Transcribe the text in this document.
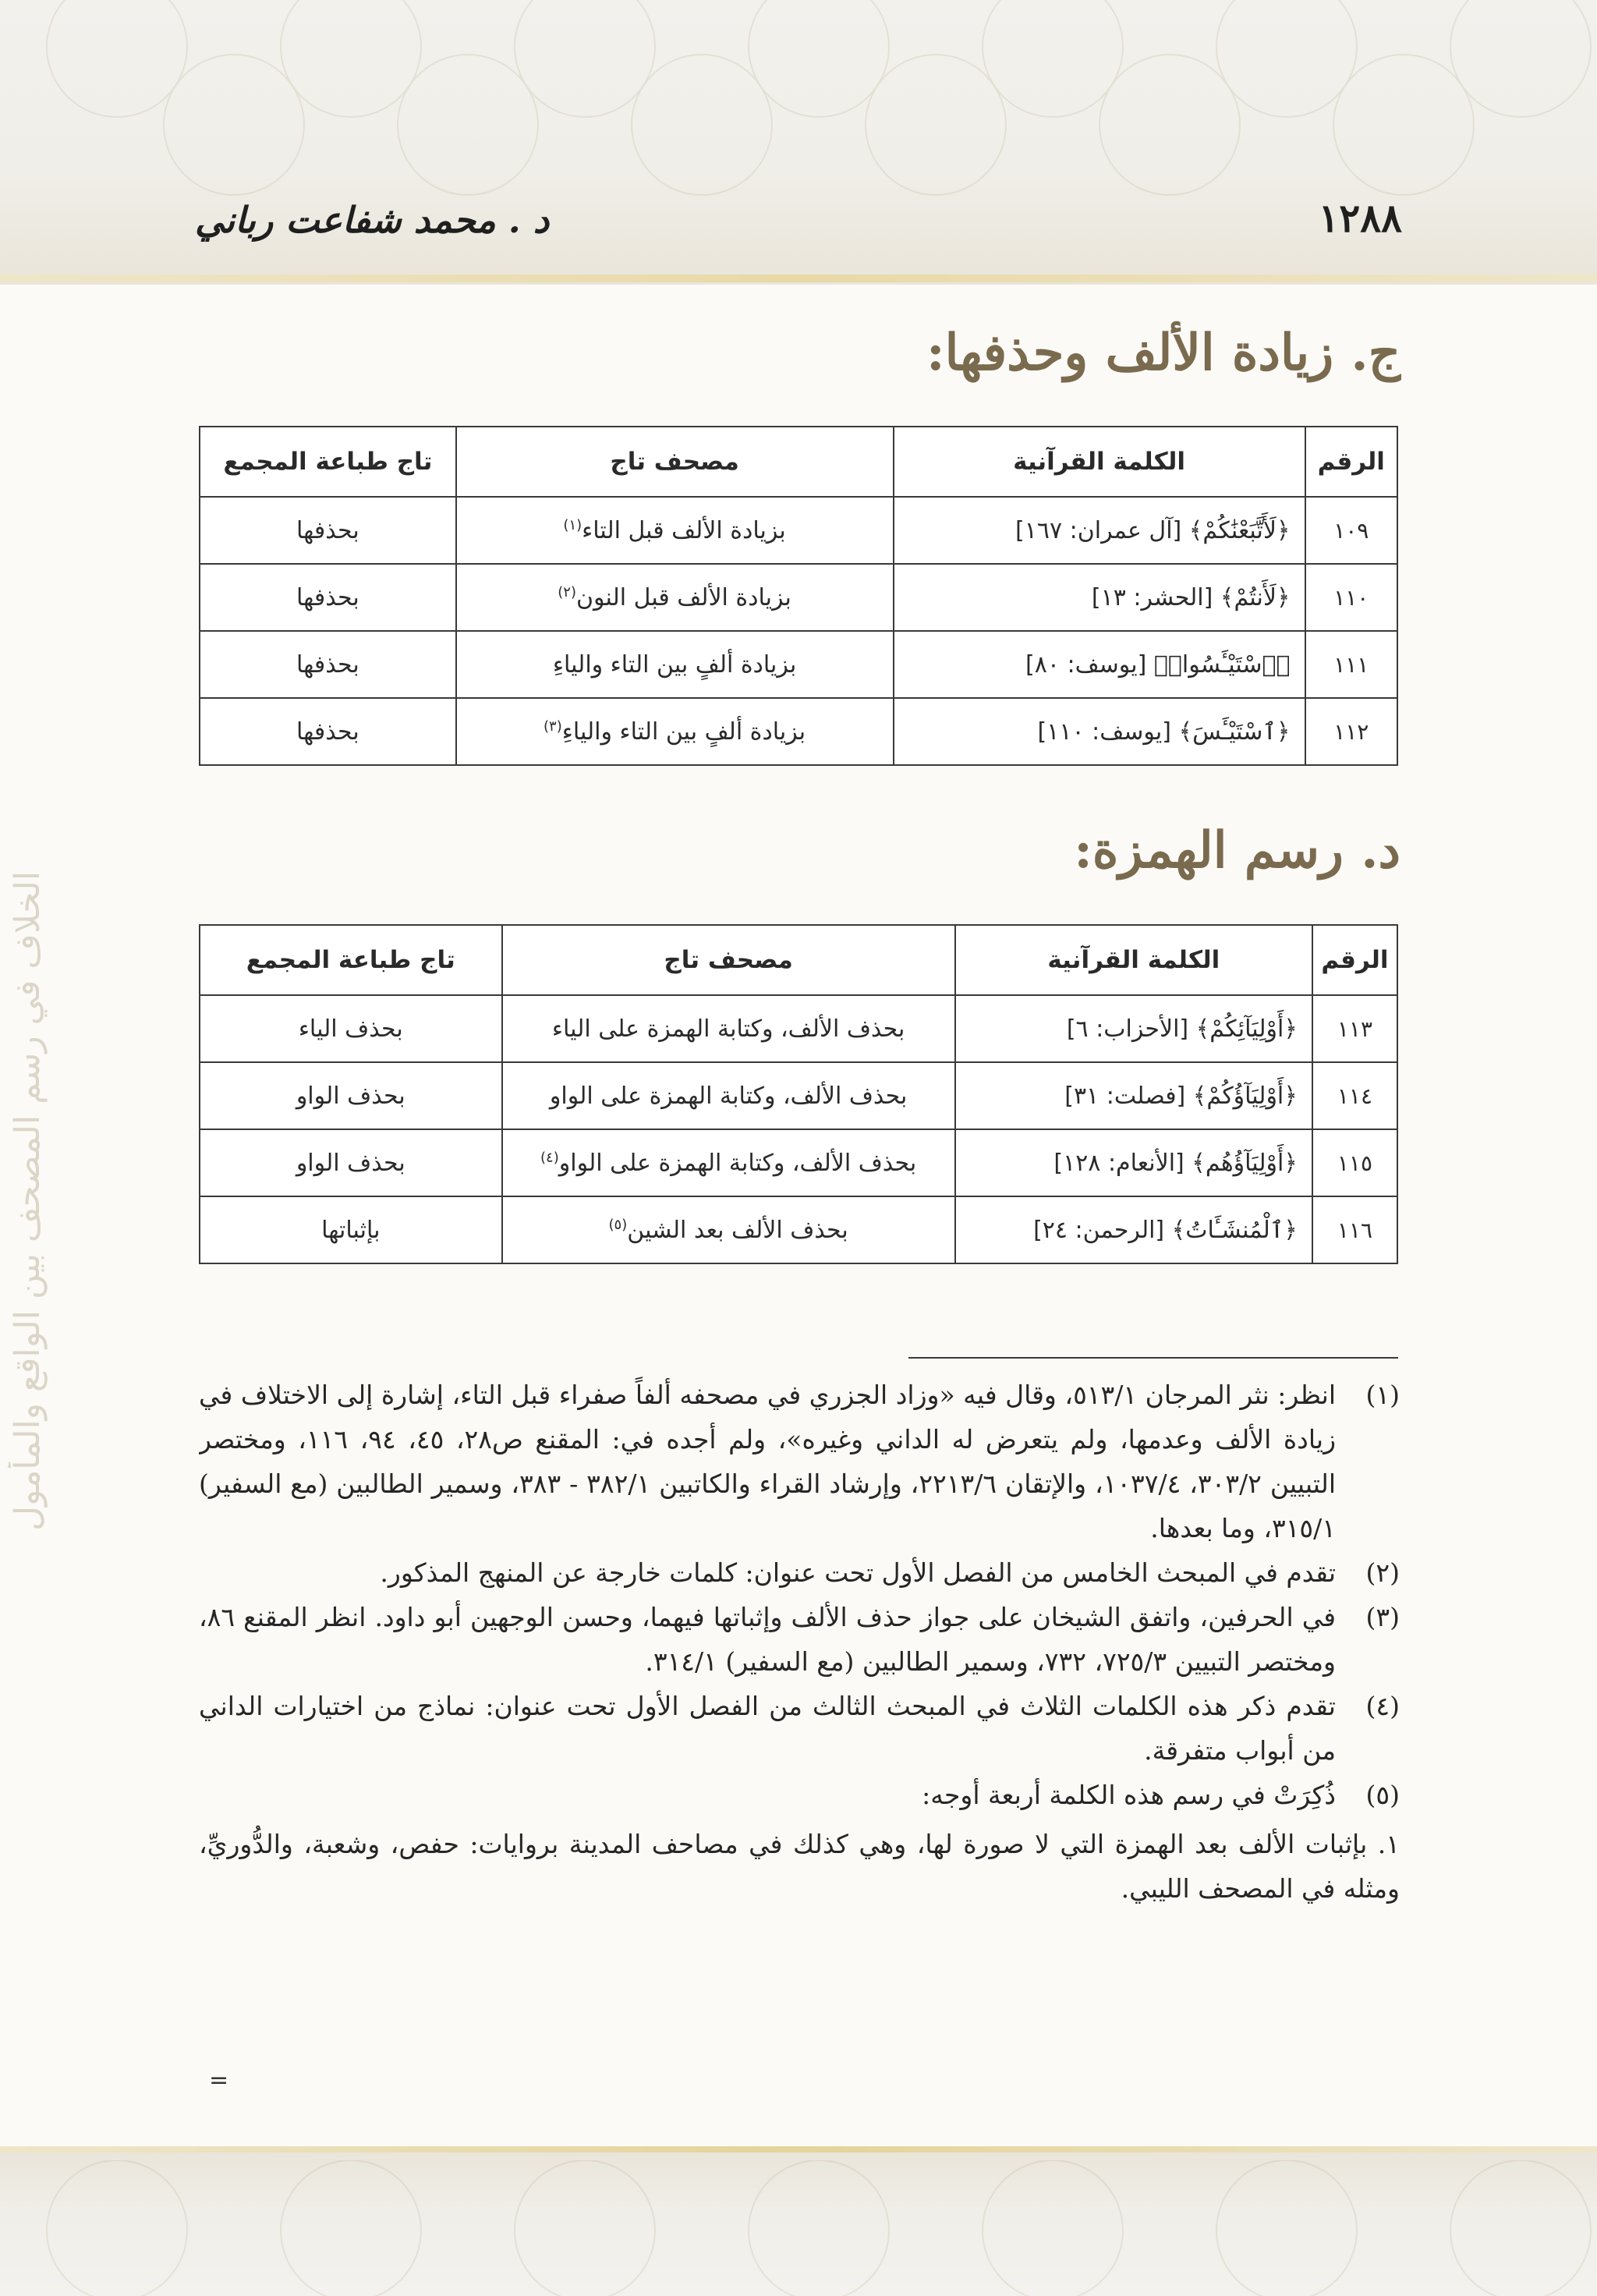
الخلاف في رسم المصحف بين الواقع والمأمول
١٢٨٨
د . محمد شفاعت رباني
ج. زيادة الألف وحذفها:
الرقم	الكلمة القرآنية	مصحف تاج	تاج طباعة المجمع
١٠٩	﴿لَأَتَّبَعْنَٰكُمْ﴾ [آل عمران: ١٦٧]	بزيادة الألف قبل التاء$^{(١)}$	بحذفها
١١٠	﴿لَأَنتُمْ﴾ [الحشر: ١٣]	بزيادة الألف قبل النون$^{(٢)}$	بحذفها
١١١	﴿ٱسْتَيْـَٔسُوا۟﴾ [يوسف: ٨٠]	بزيادة ألفٍ بين التاء والياءِ	بحذفها
١١٢	﴿ٱسْتَيْـَٔسَ﴾ [يوسف: ١١٠]	بزيادة ألفٍ بين التاء والياءِ$^{(٣)}$	بحذفها
د. رسم الهمزة:
الرقم	الكلمة القرآنية	مصحف تاج	تاج طباعة المجمع
١١٣	﴿أَوْلِيَآئِكُمْ﴾ [الأحزاب: ٦]	بحذف الألف، وكتابة الهمزة على الياء	بحذف الياء
١١٤	﴿أَوْلِيَآؤُكُمْ﴾ [فصلت: ٣١]	بحذف الألف، وكتابة الهمزة على الواو	بحذف الواو
١١٥	﴿أَوْلِيَآؤُهُم﴾ [الأنعام: ١٢٨]	بحذف الألف، وكتابة الهمزة على الواو$^{(٤)}$	بحذف الواو
١١٦	﴿ٱلْمُنشَـَٔاتُ﴾ [الرحمن: ٢٤]	بحذف الألف بعد الشين$^{(٥)}$	بإثباتها

(١)
انظر: نثر المرجان ٥١٣/١، وقال فيه «وزاد الجزري في مصحفه ألفاً صفراء قبل التاء، إشارة إلى الاختلاف في زيادة الألف وعدمها، ولم يتعرض له الداني وغيره»، ولم أجده في: المقنع ص٢٨، ٤٥، ٩٤، ١١٦، ومختصر التبيين ٣٠٣/٢، ١٠٣٧/٤، والإتقان ٢٢١٣/٦، وإرشاد القراء والكاتبين ٣٨٢/١ - ٣٨٣، وسمير الطالبين (مع السفير) ٣١٥/١، وما بعدها.

(٢)
تقدم في المبحث الخامس من الفصل الأول تحت عنوان: كلمات خارجة عن المنهج المذكور.

(٣)
في الحرفين، واتفق الشيخان على جواز حذف الألف وإثباتها فيهما، وحسن الوجهين أبو داود. انظر المقنع ٨٦، ومختصر التبيين ٧٢٥/٣، ٧٣٢، وسمير الطالبين (مع السفير) ٣١٤/١.

(٤)
تقدم ذكر هذه الكلمات الثلاث في المبحث الثالث من الفصل الأول تحت عنوان: نماذج من اختيارات الداني من أبواب متفرقة.

(٥)
ذُكِرَتْ في رسم هذه الكلمة أربعة أوجه:

١. بإثبات الألف بعد الهمزة التي لا صورة لها، وهي كذلك في مصاحف المدينة بروايات: حفص، وشعبة، والدُّوريِّ، ومثله في المصحف الليبي.

=
